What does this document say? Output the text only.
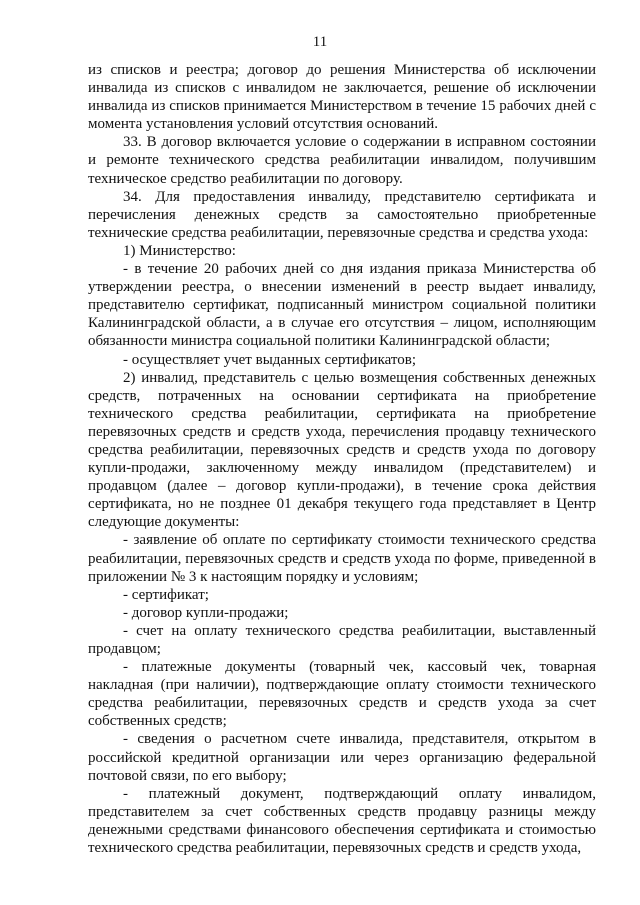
11

из списков и реестра; договор до решения Министерства об исключении инвалида из списков с инвалидом не заключается, решение об исключении инвалида из списков принимается Министерством в течение 15 рабочих дней с момента установления условий отсутствия оснований.

33. В договор включается условие о содержании в исправном состоянии и ремонте технического средства реабилитации инвалидом, получившим техническое средство реабилитации по договору.

34. Для предоставления инвалиду, представителю сертификата и перечисления денежных средств за самостоятельно приобретенные технические средства реабилитации, перевязочные средства и средства ухода:

1) Министерство:

- в течение 20 рабочих дней со дня издания приказа Министерства об утверждении реестра, о внесении изменений в реестр выдает инвалиду, представителю сертификат, подписанный министром социальной политики Калининградской области, а в случае его отсутствия – лицом, исполняющим обязанности министра социальной политики Калининградской области;

- осуществляет учет выданных сертификатов;

2) инвалид, представитель с целью возмещения собственных денежных средств, потраченных на основании сертификата на приобретение технического средства реабилитации, сертификата на приобретение перевязочных средств и средств ухода, перечисления продавцу технического средства реабилитации, перевязочных средств и средств ухода по договору купли-продажи, заключенному между инвалидом (представителем) и продавцом (далее – договор купли-продажи), в течение срока действия сертификата, но не позднее 01 декабря текущего года представляет в Центр следующие документы:

- заявление об оплате по сертификату стоимости технического средства реабилитации, перевязочных средств и средств ухода по форме, приведенной в приложении № 3 к настоящим порядку и условиям;

- сертификат;

- договор купли-продажи;

- счет на оплату технического средства реабилитации, выставленный продавцом;

- платежные документы (товарный чек, кассовый чек, товарная накладная (при наличии), подтверждающие оплату стоимости технического средства реабилитации, перевязочных средств и средств ухода за счет собственных средств;

- сведения о расчетном счете инвалида, представителя, открытом в российской кредитной организации или через организацию федеральной почтовой связи, по его выбору;

- платежный документ, подтверждающий оплату инвалидом, представителем за счет собственных средств продавцу разницы между денежными средствами финансового обеспечения сертификата и стоимостью технического средства реабилитации, перевязочных средств и средств ухода,
